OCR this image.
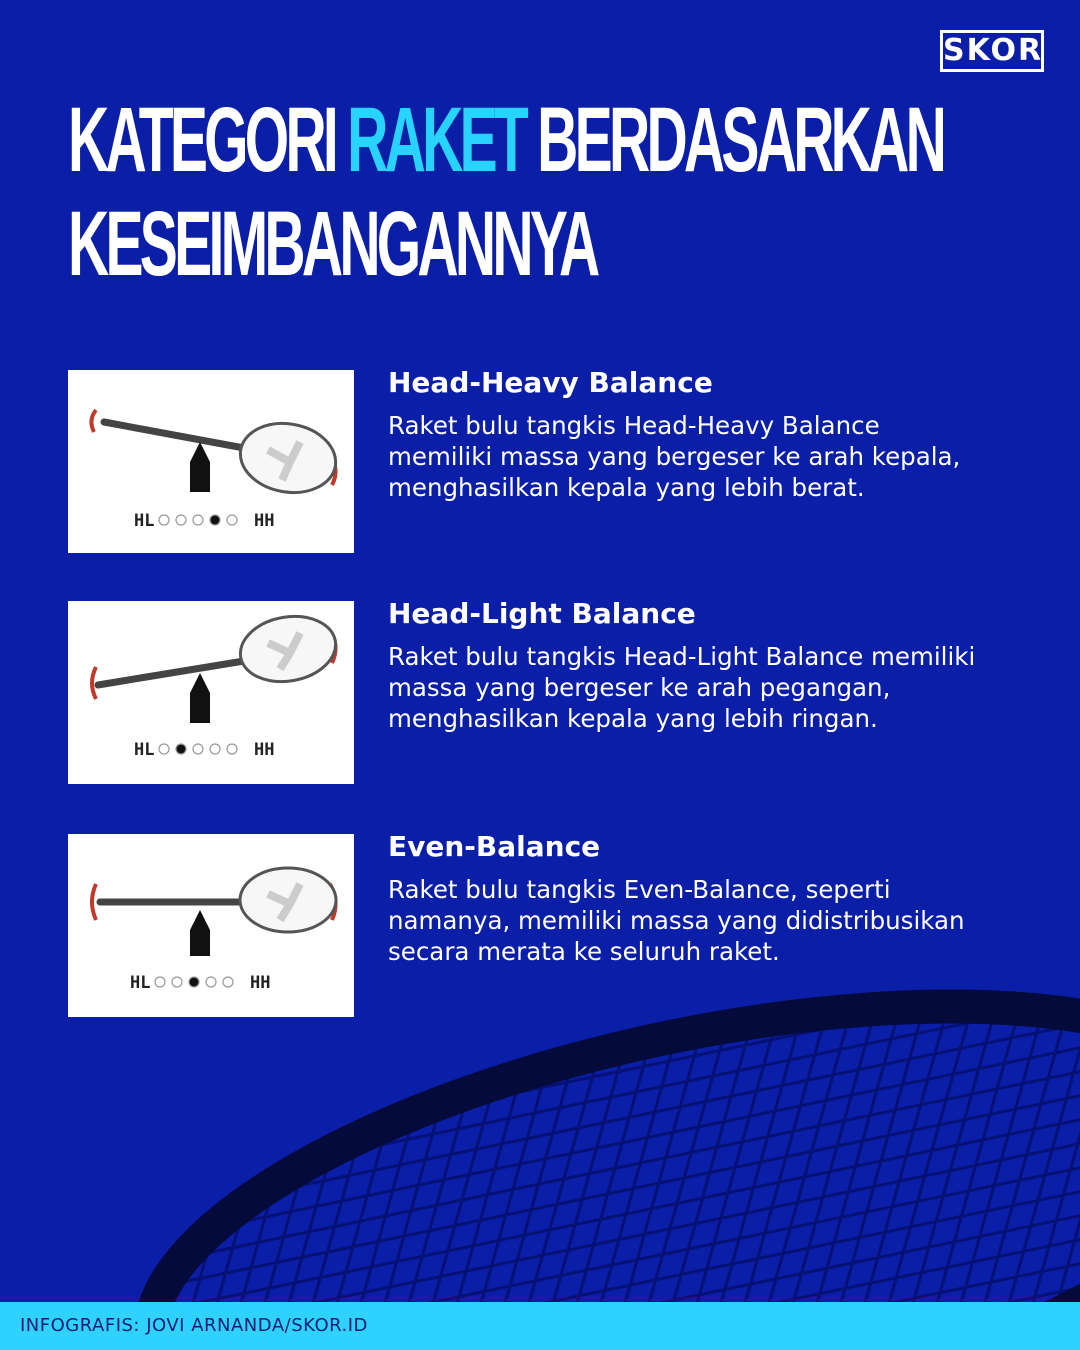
SKOR
KATEGORI RAKET BERDASARKAN
KESEIMBANGANNYA
HL	HH
Head-Heavy Balance

Raket bulu tangkis Head-Heavy Balance memiliki massa yang bergeser ke arah kepala, menghasilkan kepala yang lebih berat.

HL	HH
Head-Light Balance

Raket bulu tangkis Head-Light Balance memiliki massa yang bergeser ke arah pegangan, menghasilkan kepala yang lebih ringan.

HL	HH
Even-Balance

Raket bulu tangkis Even-Balance, seperti namanya, memiliki massa yang didistribusikan secara merata ke seluruh raket.

INFOGRAFIS: JOVI ARNANDA/SKOR.ID
